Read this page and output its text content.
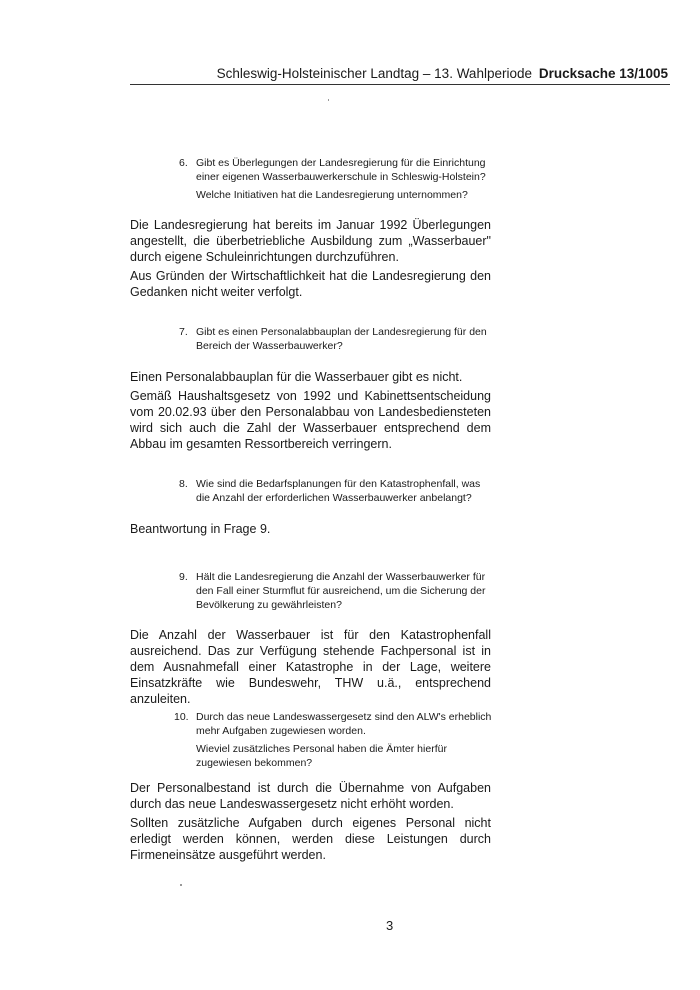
Schleswig-Holsteinischer Landtag – 13. Wahlperiode Drucksache 13/1005
6. Gibt es Überlegungen der Landesregierung für die Einrichtung einer eigenen Wasserbauwerkerschule in Schleswig-Holstein?

Welche Initiativen hat die Landesregierung unternommen?

Die Landesregierung hat bereits im Januar 1992 Überlegungen angestellt, die überbetriebliche Ausbildung zum „Wasserbauer" durch eigene Schuleinrichtungen durchzuführen.

Aus Gründen der Wirtschaftlichkeit hat die Landesregierung den Gedanken nicht weiter verfolgt.

7. Gibt es einen Personalabbauplan der Landesregierung für den Bereich der Wasserbauwerker?

Einen Personalabbauplan für die Wasserbauer gibt es nicht.

Gemäß Haushaltsgesetz von 1992 und Kabinettsentscheidung vom 20.02.93 über den Personalabbau von Landesbediensteten wird sich auch die Zahl der Wasserbauer entsprechend dem Abbau im gesamten Ressortbereich verringern.

8. Wie sind die Bedarfsplanungen für den Katastrophenfall, was die Anzahl der erforderlichen Wasserbauwerker anbelangt?

Beantwortung in Frage 9.

9. Hält die Landesregierung die Anzahl der Wasserbauwerker für den Fall einer Sturmflut für ausreichend, um die Sicherung der Bevölkerung zu gewährleisten?

Die Anzahl der Wasserbauer ist für den Katastrophenfall ausreichend. Das zur Verfügung stehende Fachpersonal ist in dem Ausnahmefall einer Katastrophe in der Lage, weitere Einsatzkräfte wie Bundeswehr, THW u.ä., entsprechend anzuleiten.

10. Durch das neue Landeswassergesetz sind den ALW's erheblich mehr Aufgaben zugewiesen worden.

Wieviel zusätzliches Personal haben die Ämter hierfür zugewiesen bekommen?

Der Personalbestand ist durch die Übernahme von Aufgaben durch das neue Landeswassergesetz nicht erhöht worden.

Sollten zusätzliche Aufgaben durch eigenes Personal nicht erledigt werden können, werden diese Leistungen durch Firmeneinsätze ausgeführt werden.

3
